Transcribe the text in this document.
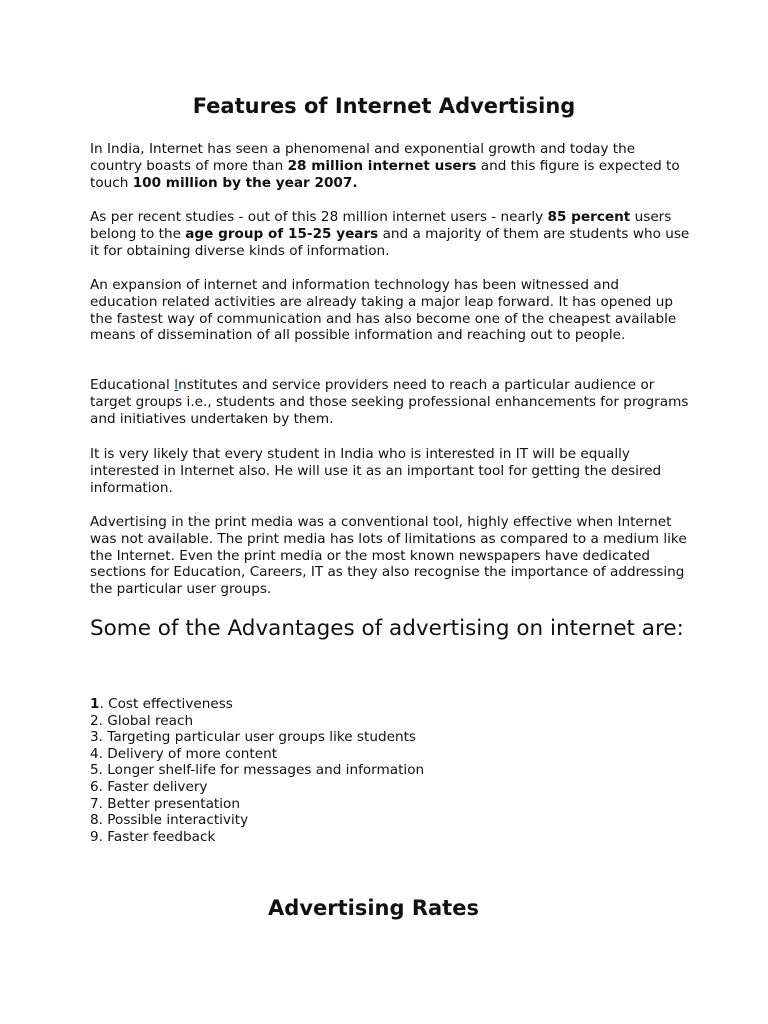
Features of Internet Advertising

In India, Internet has seen a phenomenal and exponential growth and today the country boasts of more than 28 million internet users and this figure is expected to touch 100 million by the year 2007.

As per recent studies - out of this 28 million internet users - nearly 85 percent users belong to the age group of 15-25 years and a majority of them are students who use it for obtaining diverse kinds of information.

An expansion of internet and information technology has been witnessed and education related activities are already taking a major leap forward. It has opened up the fastest way of communication and has also become one of the cheapest available means of dissemination of all possible information and reaching out to people.

Educational Institutes and service providers need to reach a particular audience or target groups i.e., students and those seeking professional enhancements for programs and initiatives undertaken by them.

It is very likely that every student in India who is interested in IT will be equally interested in Internet also. He will use it as an important tool for getting the desired information.

Advertising in the print media was a conventional tool, highly effective when Internet was not available. The print media has lots of limitations as compared to a medium like the Internet. Even the print media or the most known newspapers have dedicated sections for Education, Careers, IT as they also recognise the importance of addressing the particular user groups.

Some of the Advantages of advertising on internet are:
1. Cost effectiveness
2. Global reach
3. Targeting particular user groups like students
4. Delivery of more content
5. Longer shelf-life for messages and information
6. Faster delivery
7. Better presentation
8. Possible interactivity
9. Faster feedback
Advertising Rates
